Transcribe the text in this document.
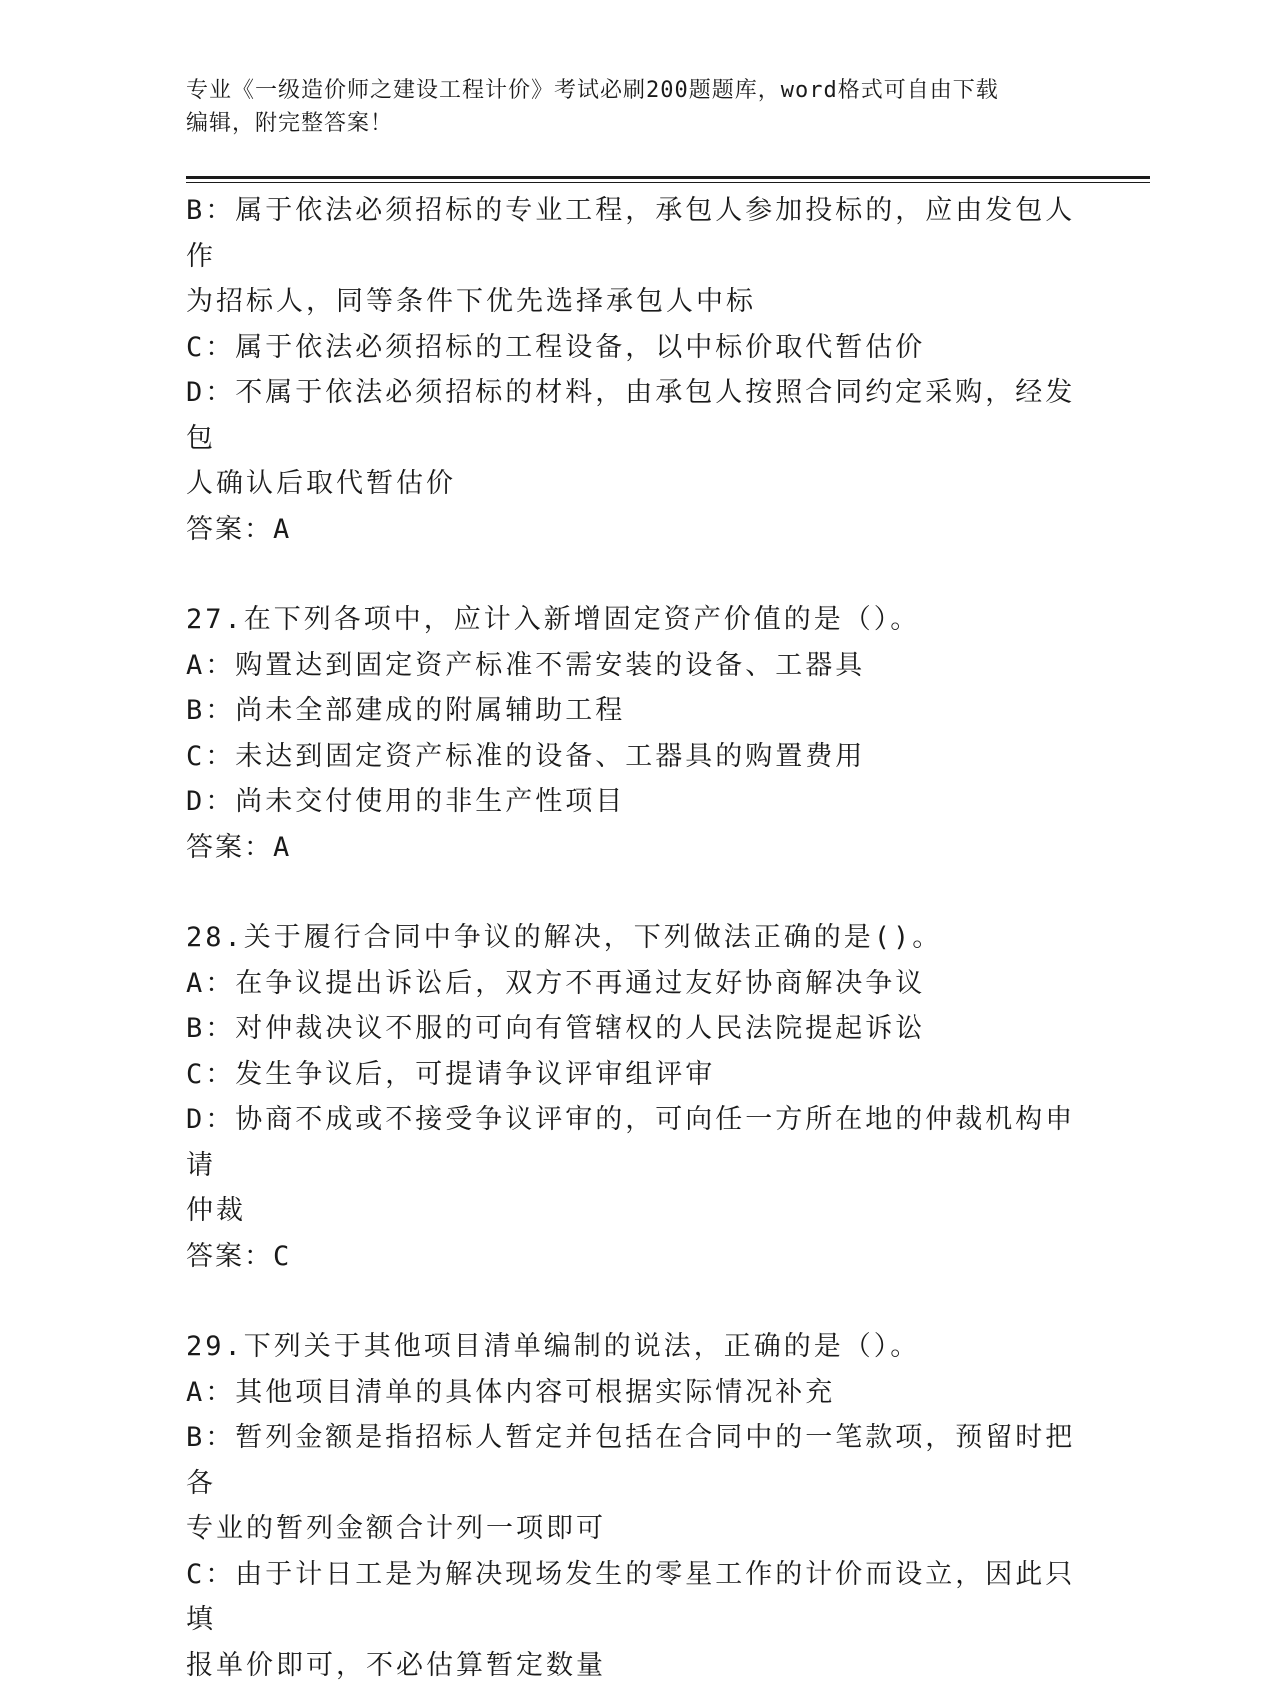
专业《一级造价师之建设工程计价》考试必刷200题题库，word格式可自由下载
编辑，附完整答案！
B：属于依法必须招标的专业工程，承包人参加投标的，应由发包人作
为招标人，同等条件下优先选择承包人中标
C：属于依法必须招标的工程设备，以中标价取代暂估价
D：不属于依法必须招标的材料，由承包人按照合同约定采购，经发包
人确认后取代暂估价
答案：A
27.在下列各项中，应计入新增固定资产价值的是（）。
A：购置达到固定资产标准不需安装的设备、工器具
B：尚未全部建成的附属辅助工程
C：未达到固定资产标准的设备、工器具的购置费用
D：尚未交付使用的非生产性项目
答案：A
28.关于履行合同中争议的解决，下列做法正确的是()。
A：在争议提出诉讼后，双方不再通过友好协商解决争议
B：对仲裁决议不服的可向有管辖权的人民法院提起诉讼
C：发生争议后，可提请争议评审组评审
D：协商不成或不接受争议评审的，可向任一方所在地的仲裁机构申请
仲裁
答案：C
29.下列关于其他项目清单编制的说法，正确的是（）。
A：其他项目清单的具体内容可根据实际情况补充
B：暂列金额是指招标人暂定并包括在合同中的一笔款项，预留时把各
专业的暂列金额合计列一项即可
C：由于计日工是为解决现场发生的零星工作的计价而设立，因此只填
报单价即可，不必估算暂定数量
